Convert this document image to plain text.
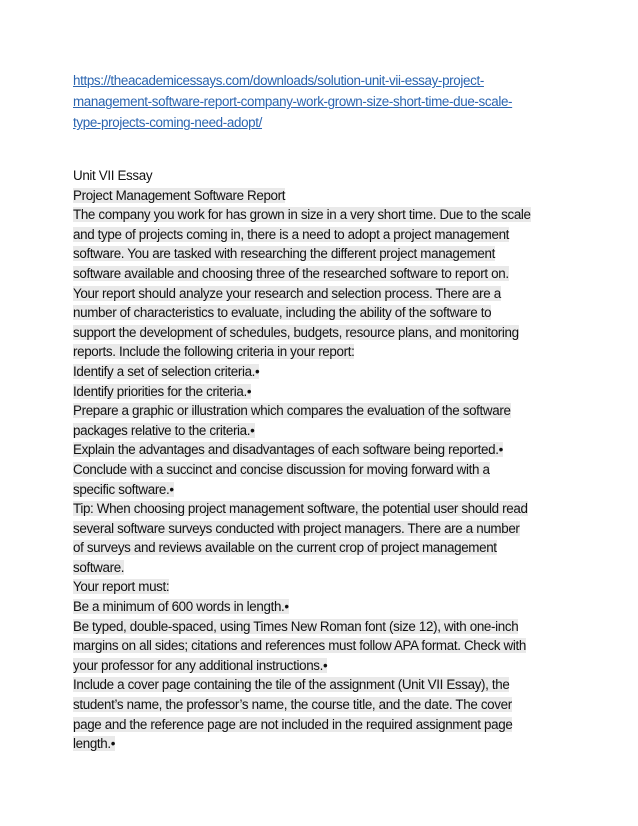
https://theacademicessays.com/downloads/solution-unit-vii-essay-project-
management-software-report-company-work-grown-size-short-time-due-scale-
type-projects-coming-need-adopt/
Unit VII Essay
Project Management Software Report
The company you work for has grown in size in a very short time. Due to the scale
and type of projects coming in, there is a need to adopt a project management
software. You are tasked with researching the different project management
software available and choosing three of the researched software to report on.
Your report should analyze your research and selection process. There are a
number of characteristics to evaluate, including the ability of the software to
support the development of schedules, budgets, resource plans, and monitoring
reports. Include the following criteria in your report:
Identify a set of selection criteria.•
Identify priorities for the criteria.•
Prepare a graphic or illustration which compares the evaluation of the software
packages relative to the criteria.•
Explain the advantages and disadvantages of each software being reported.•
Conclude with a succinct and concise discussion for moving forward with a
specific software.•
Tip: When choosing project management software, the potential user should read
several software surveys conducted with project managers. There are a number
of surveys and reviews available on the current crop of project management
software.
Your report must:
Be a minimum of 600 words in length.•
Be typed, double-spaced, using Times New Roman font (size 12), with one-inch
margins on all sides; citations and references must follow APA format. Check with
your professor for any additional instructions.•
Include a cover page containing the tile of the assignment (Unit VII Essay), the
student’s name, the professor’s name, the course title, and the date. The cover
page and the reference page are not included in the required assignment page
length.•
